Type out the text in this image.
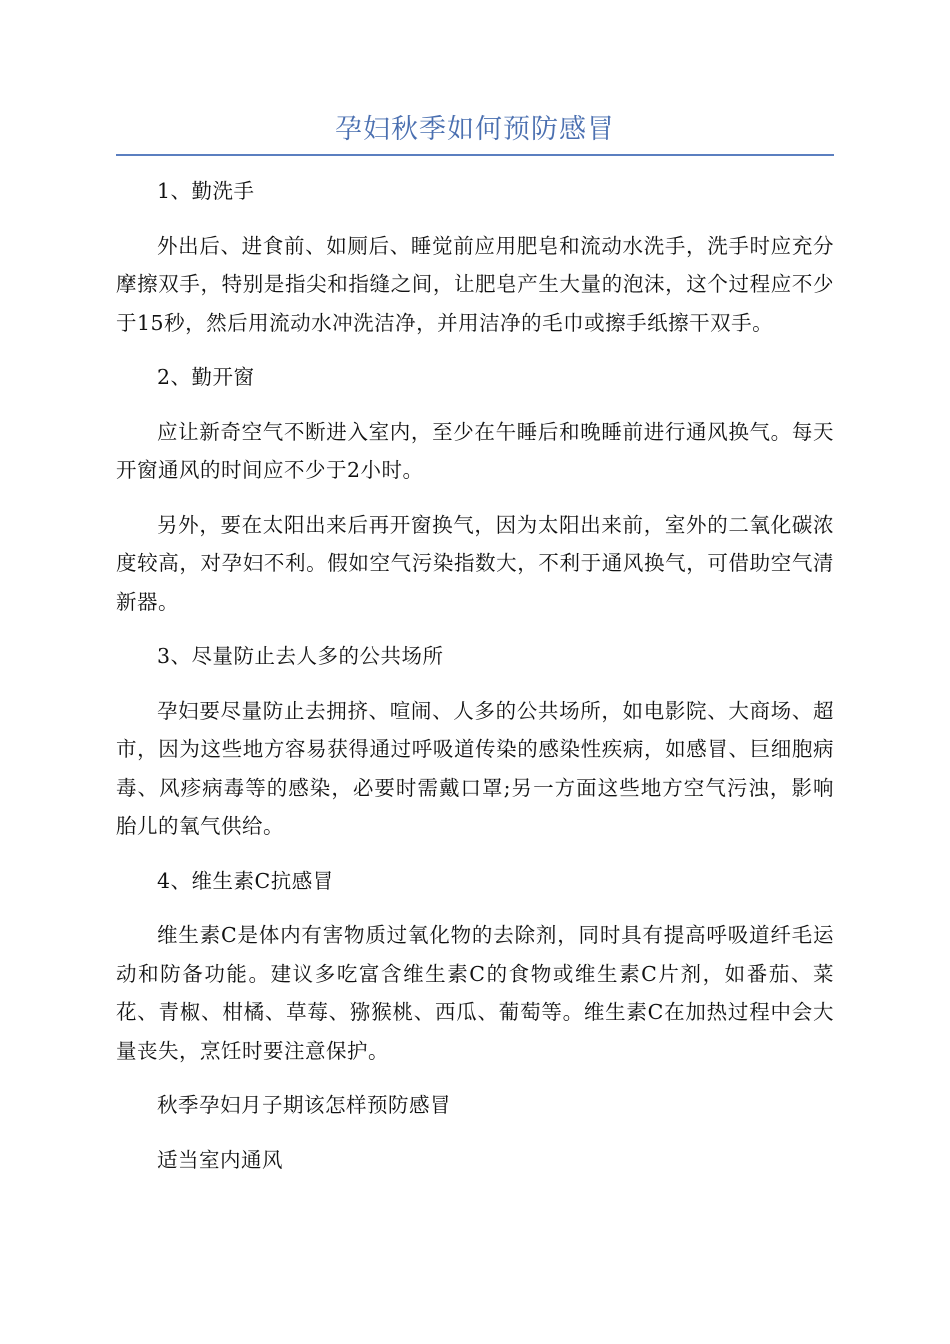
孕妇秋季如何预防感冒

1、勤洗手

外出后、进食前、如厕后、睡觉前应用肥皂和流动水洗手，洗手时应充分摩擦双手，特别是指尖和指缝之间，让肥皂产生大量的泡沫，这个过程应不少于15秒，然后用流动水冲洗洁净，并用洁净的毛巾或擦手纸擦干双手。

2、勤开窗

应让新奇空气不断进入室内，至少在午睡后和晚睡前进行通风换气。每天开窗通风的时间应不少于2小时。

另外，要在太阳出来后再开窗换气，因为太阳出来前，室外的二氧化碳浓度较高，对孕妇不利。假如空气污染指数大，不利于通风换气，可借助空气清新器。

3、尽量防止去人多的公共场所

孕妇要尽量防止去拥挤、喧闹、人多的公共场所，如电影院、大商场、超市，因为这些地方容易获得通过呼吸道传染的感染性疾病，如感冒、巨细胞病毒、风疹病毒等的感染，必要时需戴口罩;另一方面这些地方空气污浊，影响胎儿的氧气供给。

4、维生素C抗感冒

维生素C是体内有害物质过氧化物的去除剂，同时具有提高呼吸道纤毛运动和防备功能。建议多吃富含维生素C的食物或维生素C片剂，如番茄、菜花、青椒、柑橘、草莓、猕猴桃、西瓜、葡萄等。维生素C在加热过程中会大量丧失，烹饪时要注意保护。

秋季孕妇月子期该怎样预防感冒

适当室内通风
